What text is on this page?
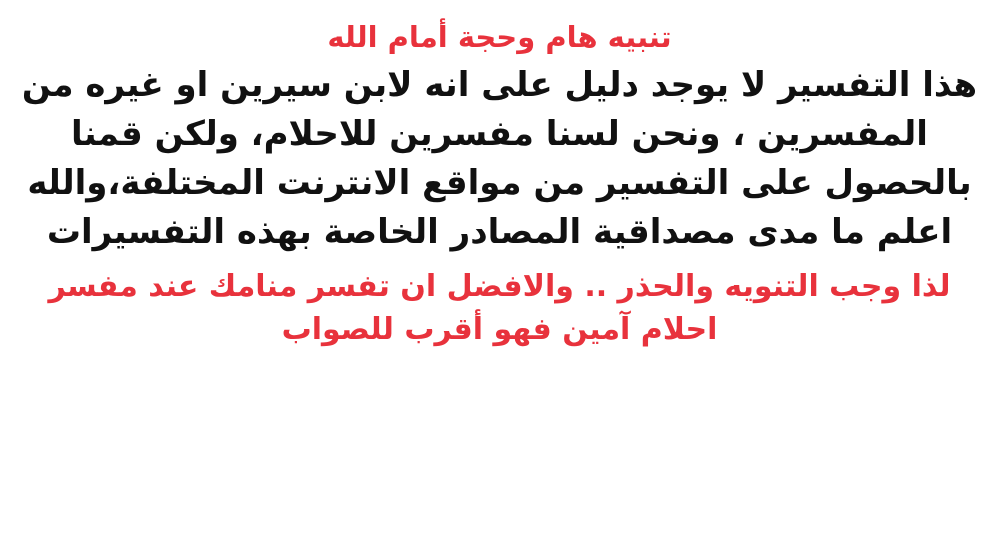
تنبيه هام وحجة أمام الله

هذا التفسير لا يوجد دليل على انه لابن سيرين او غيره من المفسرين ، ونحن لسنا مفسرين للاحلام، ولكن قمنا بالحصول على التفسير من مواقع الانترنت المختلفة،والله اعلم ما مدى مصداقية المصادر الخاصة بهذه التفسيرات

لذا وجب التنويه والحذر .. والافضل ان تفسر منامك عند مفسر احلام آمين فهو أقرب للصواب
